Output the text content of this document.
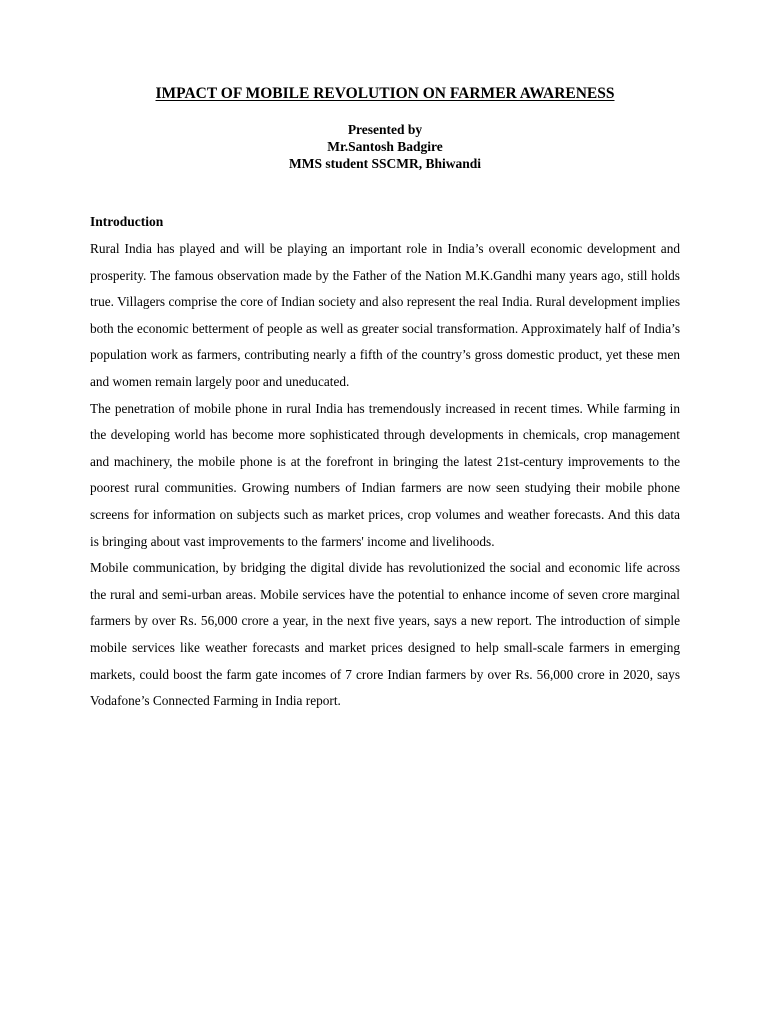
IMPACT OF MOBILE REVOLUTION ON FARMER AWARENESS
Presented by
Mr.Santosh Badgire
MMS student SSCMR, Bhiwandi
Introduction

Rural India has played and will be playing an important role in India’s overall economic development and prosperity. The famous observation made by the Father of the Nation M.K.Gandhi many years ago, still holds true. Villagers comprise the core of Indian society and also represent the real India. Rural development implies both the economic betterment of people as well as greater social transformation. Approximately half of India’s population work as farmers, contributing nearly a fifth of the country’s gross domestic product, yet these men and women remain largely poor and uneducated.

The penetration of mobile phone in rural India has tremendously increased in recent times. While farming in the developing world has become more sophisticated through developments in chemicals, crop management and machinery, the mobile phone is at the forefront in bringing the latest 21st-century improvements to the poorest rural communities. Growing numbers of Indian farmers are now seen studying their mobile phone screens for information on subjects such as market prices, crop volumes and weather forecasts. And this data is bringing about vast improvements to the farmers' income and livelihoods.

Mobile communication, by bridging the digital divide has revolutionized the social and economic life across the rural and semi-urban areas. Mobile services have the potential to enhance income of seven crore marginal farmers by over Rs. 56,000 crore a year, in the next five years, says a new report. The introduction of simple mobile services like weather forecasts and market prices designed to help small-scale farmers in emerging markets, could boost the farm gate incomes of 7 crore Indian farmers by over Rs. 56,000 crore in 2020, says Vodafone’s Connected Farming in India report.
